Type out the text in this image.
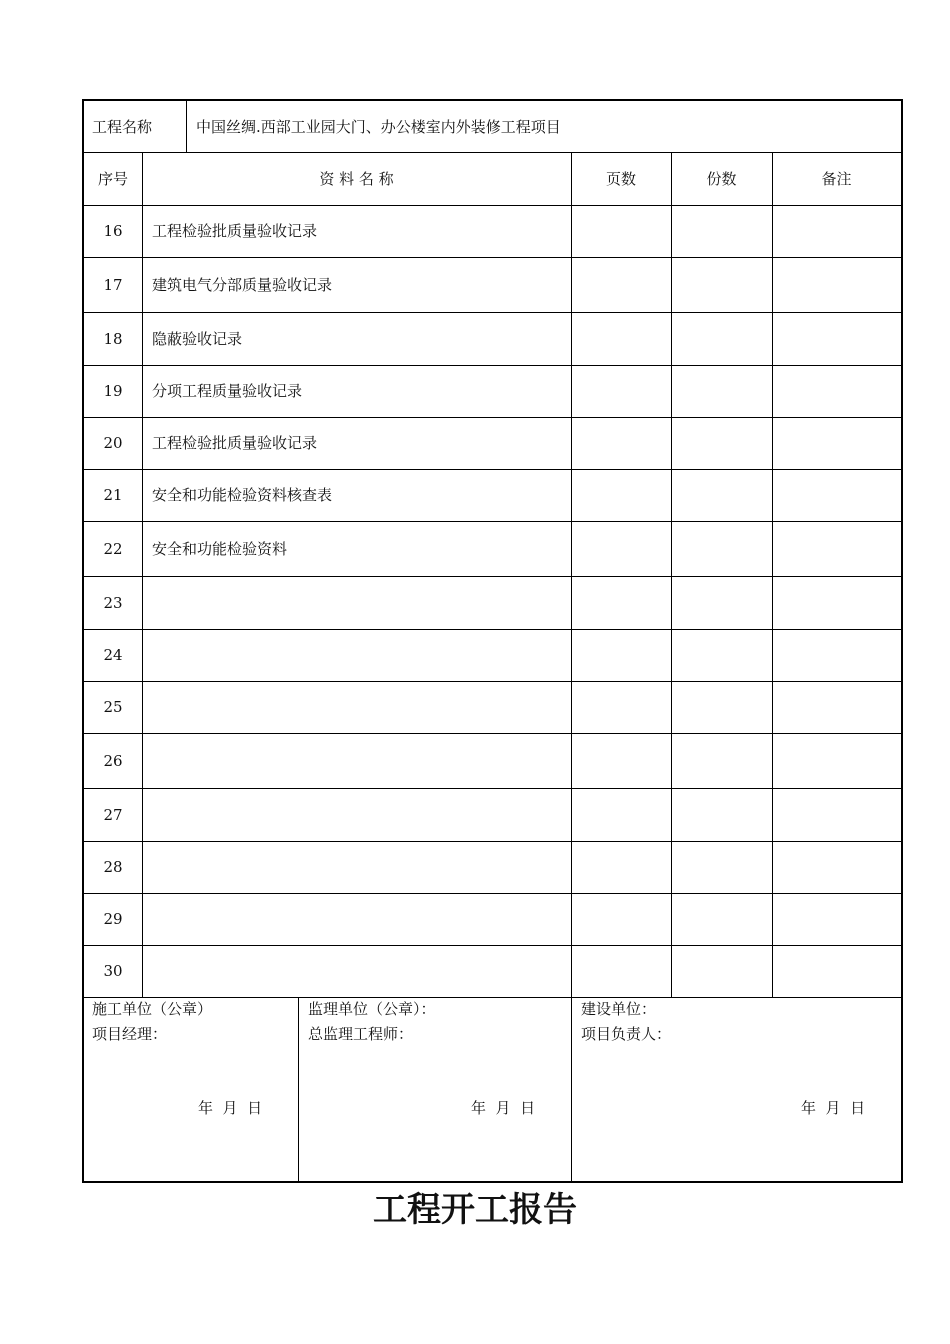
工程名称	中国丝绸.西部工业园大门、办公楼室内外装修工程项目
序号	资 料 名 称	页数	份数	备注
16	工程检验批质量验收记录
17	建筑电气分部质量验收记录
18	隐蔽验收记录
19	分项工程质量验收记录
20	工程检验批质量验收记录
21	安全和功能检验资料核查表
22	安全和功能检验资料
23
24
25
26
27
28
29
30
施工单位（公章）
项目经理：
年  月  日
监理单位（公章）：
总监理工程师：
年  月  日
建设单位：
项目负责人：
年  月  日
工程开工报告
